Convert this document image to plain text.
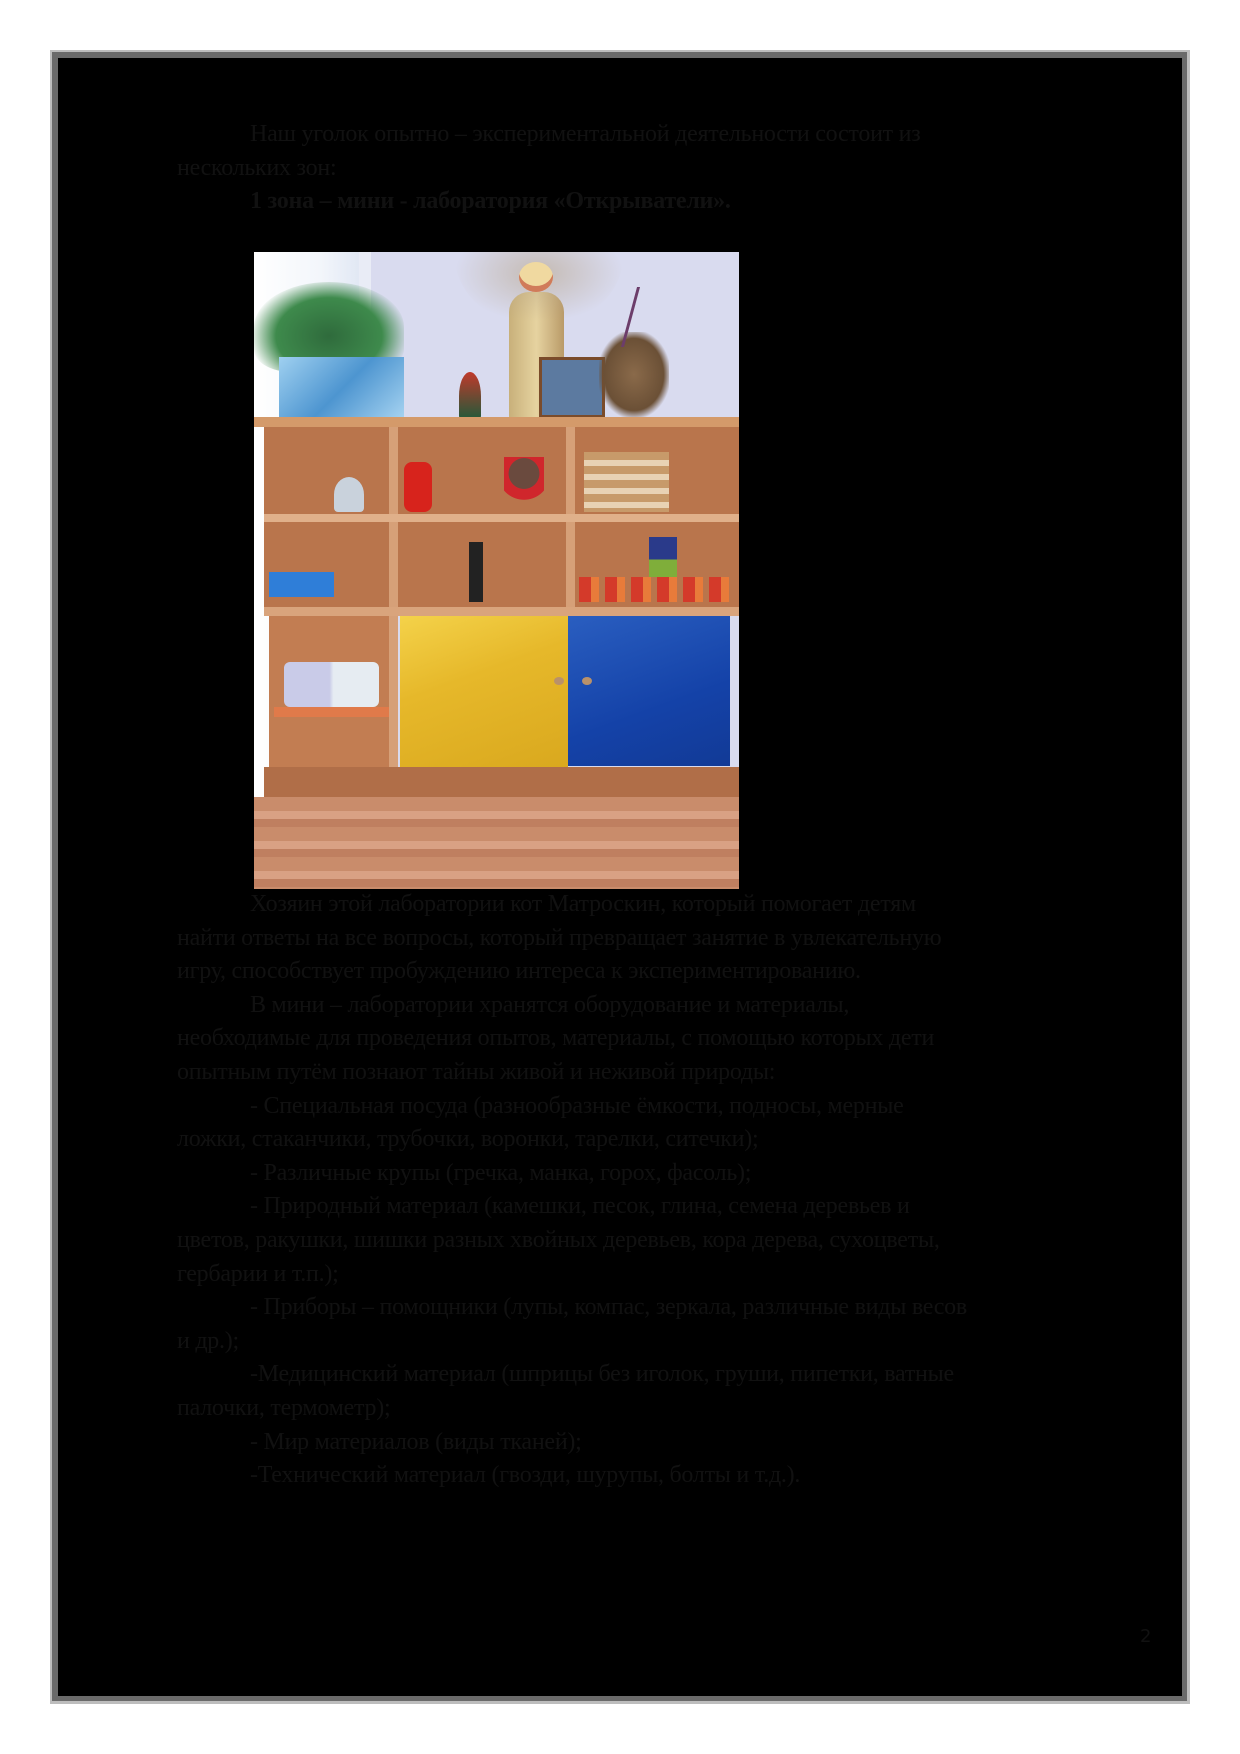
Наш уголок опытно – экспериментальной деятельности состоит из
нескольких зон:
1 зона – мини - лаборатория «Открыватели».
Хозяин этой лаборатории кот Матроскин, который помогает детям
найти ответы на все вопросы, который превращает занятие в увлекательную
игру, способствует пробуждению интереса к экспериментированию.
В мини – лаборатории хранятся оборудование и материалы,
необходимые для проведения опытов, материалы, с помощью которых дети
опытным путём познают тайны живой и неживой природы:
- Специальная посуда (разнообразные ёмкости, подносы, мерные
ложки, стаканчики, трубочки, воронки, тарелки, ситечки);
- Различные крупы (гречка, манка, горох, фасоль);
- Природный материал (камешки, песок, глина, семена деревьев и
цветов, ракушки, шишки разных хвойных деревьев, кора дерева, сухоцветы,
гербарии и т.п.);
- Приборы – помощники (лупы, компас, зеркала, различные виды весов
и др.);
-Медицинский материал (шприцы без иголок, груши, пипетки, ватные
палочки, термометр);
- Мир материалов (виды тканей);
-Технический материал (гвозди, шурупы, болты и т.д.).
2
